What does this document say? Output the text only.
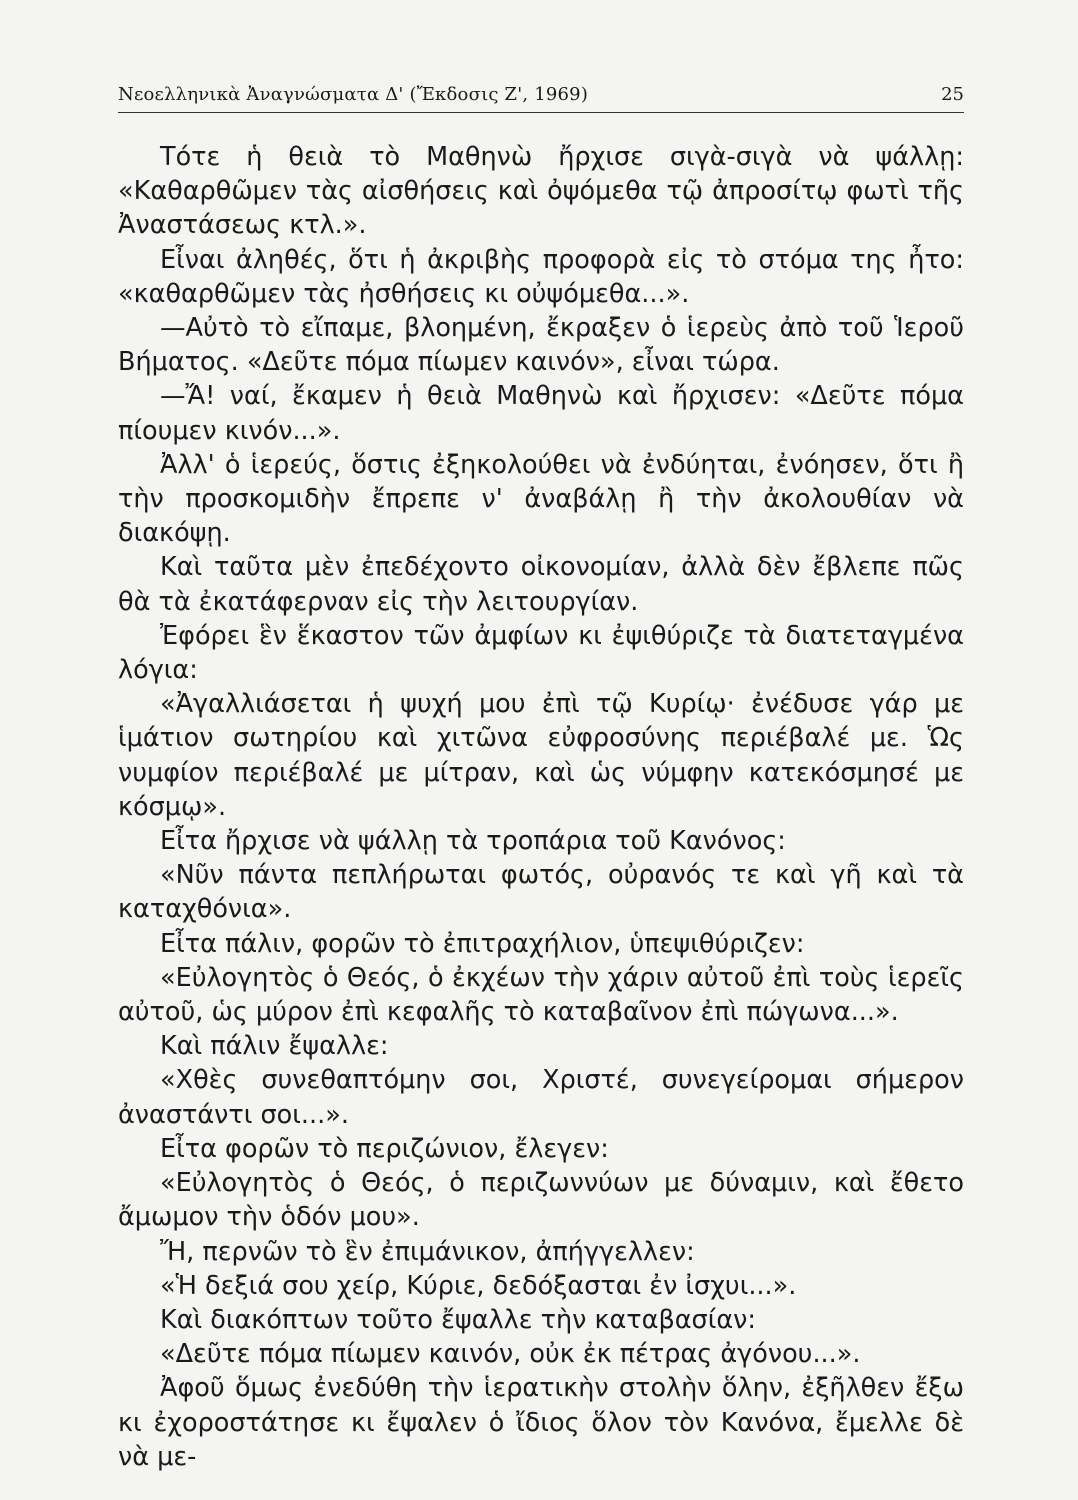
Νεοελληνικὰ Ἀναγνώσματα Δ' (Ἔκδοσις Ζ', 1969)	25

Τότε ἡ θειὰ τὸ Μαθηνὼ ἤρχισε σιγὰ-σιγὰ νὰ ψάλλῃ: «Καθαρθῶμεν τὰς αἰσθήσεις καὶ ὀψόμεθα τῷ ἀπροσίτῳ φωτὶ τῆς Ἀναστάσεως κτλ.».

Εἶναι ἀληθές, ὅτι ἡ ἀκριβὴς προφορὰ εἰς τὸ στόμα της ἦτο: «καθαρθῶμεν τὰς ἠσθήσεις κι οὐψόμεθα...».

—Αὐτὸ τὸ εἴπαμε, βλοημένη, ἔκραξεν ὁ ἱερεὺς ἀπὸ τοῦ Ἱεροῦ Βήματος. «Δεῦτε πόμα πίωμεν καινόν», εἶναι τώρα.

—Ἄ! ναί, ἔκαμεν ἡ θειὰ Μαθηνὼ καὶ ἤρχισεν: «Δεῦτε πόμα πίουμεν κινόν...».

Ἀλλ' ὁ ἱερεύς, ὅστις ἐξηκολούθει νὰ ἐνδύηται, ἐνόησεν, ὅτι ἢ τὴν προσκομιδὴν ἔπρεπε ν' ἀναβάλῃ ἢ τὴν ἀκολουθίαν νὰ διακόψῃ.

Καὶ ταῦτα μὲν ἐπεδέχοντο οἰκονομίαν, ἀλλὰ δὲν ἔβλεπε πῶς θὰ τὰ ἐκατάφερναν εἰς τὴν λειτουργίαν.

Ἐφόρει ἓν ἕκαστον τῶν ἀμφίων κι ἐψιθύριζε τὰ διατεταγμένα λόγια:

«Ἀγαλλιάσεται ἡ ψυχή μου ἐπὶ τῷ Κυρίῳ· ἐνέδυσε γάρ με ἱμάτιον σωτηρίου καὶ χιτῶνα εὐφροσύνης περιέβαλέ με. Ὡς νυμφίον περιέβαλέ με μίτραν, καὶ ὡς νύμφην κατεκόσμησέ με κόσμῳ».

Εἶτα ἤρχισε νὰ ψάλλῃ τὰ τροπάρια τοῦ Κανόνος:

«Νῦν πάντα πεπλήρωται φωτός, οὐρανός τε καὶ γῆ καὶ τὰ καταχθόνια».

Εἶτα πάλιν, φορῶν τὸ ἐπιτραχήλιον, ὑπεψιθύριζεν:

«Εὐλογητὸς ὁ Θεός, ὁ ἐκχέων τὴν χάριν αὐτοῦ ἐπὶ τοὺς ἱερεῖς αὐτοῦ, ὡς μύρον ἐπὶ κεφαλῆς τὸ καταβαῖνον ἐπὶ πώγωνα...».

Καὶ πάλιν ἔψαλλε:

«Χθὲς συνεθαπτόμην σοι, Χριστέ, συνεγείρομαι σήμερον ἀναστάντι σοι...».

Εἶτα φορῶν τὸ περιζώνιον, ἔλεγεν:

«Εὐλογητὸς ὁ Θεός, ὁ περιζωννύων με δύναμιν, καὶ ἔθετο ἄμωμον τὴν ὁδόν μου».

Ἤ, περνῶν τὸ ἓν ἐπιμάνικον, ἀπήγγελλεν:

«Ἡ δεξιά σου χείρ, Κύριε, δεδόξασται ἐν ἰσχυι...».

Καὶ διακόπτων τοῦτο ἔψαλλε τὴν καταβασίαν:

«Δεῦτε πόμα πίωμεν καινόν, οὐκ ἐκ πέτρας ἀγόνου...».

Ἀφοῦ ὅμως ἐνεδύθη τὴν ἱερατικὴν στολὴν ὅλην, ἐξῆλθεν ἔξω κι ἐχοροστάτησε κι ἔψαλεν ὁ ἴδιος ὅλον τὸν Κανόνα, ἔμελλε δὲ νὰ με-
